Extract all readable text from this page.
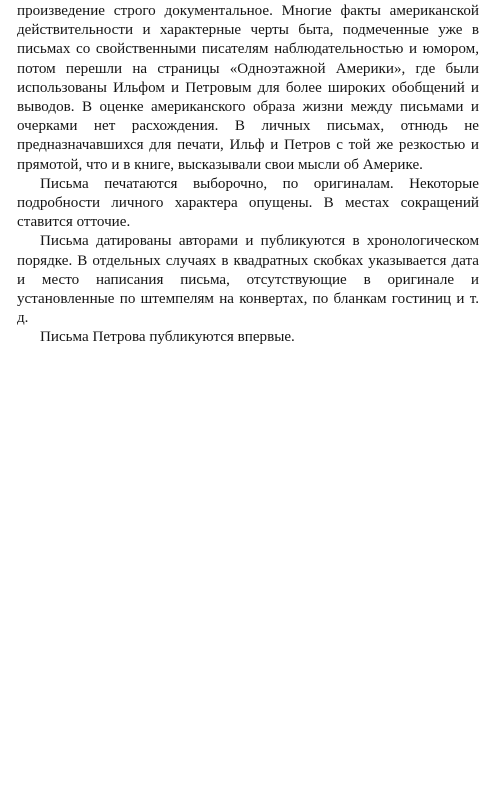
произведение строго документальное. Многие факты американской действительности и характерные черты быта, подмеченные уже в письмах со свойственными писателям наблюдательностью и юмором, потом перешли на страницы «Одноэтажной Америки», где были использованы Ильфом и Петровым для более широких обобщений и выводов. В оценке американского образа жизни между письмами и очерками нет расхождения. В личных письмах, отнюдь не предназначавшихся для печати, Ильф и Петров с той же резкостью и прямотой, что и в книге, высказывали свои мысли об Америке.

Письма печатаются выборочно, по оригиналам. Некоторые подробности личного характера опущены. В местах сокращений ставится отточие.

Письма датированы авторами и публикуются в хронологическом порядке. В отдельных случаях в квадратных скобках указывается дата и место написания письма, отсутствующие в оригинале и установленные по штемпелям на конвертах, по бланкам гостиниц и т. д.

Письма Петрова публикуются впервые.
